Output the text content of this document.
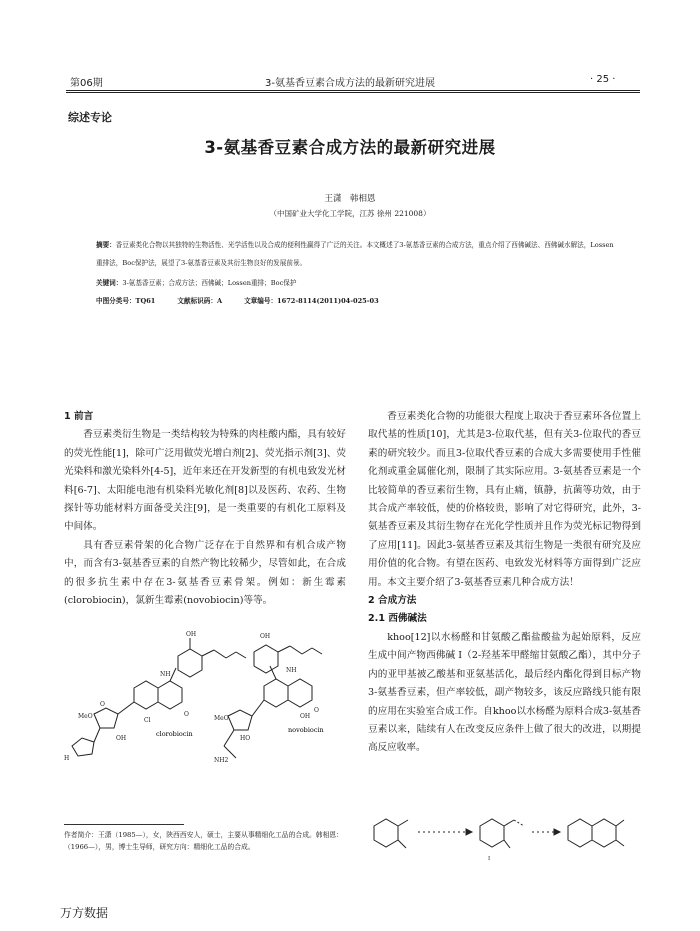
第06期	3-氨基香豆素合成方法的最新研究进展	· 25 ·
综述专论
3-氨基香豆素合成方法的最新研究进展
王潇　韩相恩
（中国矿业大学化工学院，江苏 徐州 221008）
摘要：香豆素类化合物以其独特的生物活性、光学活性以及合成的便利性赢得了广泛的关注。本文概述了3-氨基香豆素的合成方法，重点介绍了西佛碱法、西佛碱水解法，Lossen重排法，Boc保护法，展望了3-氨基香豆素及其衍生物良好的发展前景。
关键词：3-氨基香豆素；合成方法；西佛碱；Lossen重排；Boc保护
中图分类号：TQ61	文献标识码：A	文章编号：1672-8114(2011)04-025-03

1 前言

香豆素类衍生物是一类结构较为特殊的肉桂酸内酯，具有较好的荧光性能[1]，除可广泛用做荧光增白剂[2]、荧光指示剂[3]、荧光染料和激光染料外[4-5]，近年来还在开发新型的有机电致发光材料[6-7]、太阳能电池有机染料光敏化剂[8]以及医药、农药、生物探针等功能材料方面备受关注[9]，是一类重要的有机化工原料及中间体。

具有香豆素骨架的化合物广泛存在于自然界和有机合成产物中，而含有3-氨基香豆素的自然产物比较稀少，尽管如此，在合成的很多抗生素中存在3-氨基香豆素骨架。例如：新生霉素(clorobiocin)，氯新生霉素(novobiocin)等等。

OH
NH
O
Cl
MeO
OH
H
O
clorobiocin
OH
NH
O
MeO
HO
NH2
OH
novobiocin

香豆素类化合物的功能很大程度上取决于香豆素环各位置上取代基的性质[10]，尤其是3-位取代基，但有关3-位取代的香豆素的研究较少。而且3-位取代香豆素的合成大多需要使用手性催化剂或重金属催化剂，限制了其实际应用。3-氨基香豆素是一个比较简单的香豆素衍生物，具有止痛，镇静，抗菌等功效，由于其合成产率较低，使的价格较贵，影响了对它得研究，此外，3-氨基香豆素及其衍生物存在光化学性质并且作为荧光标记物得到了应用[11]。因此3-氨基香豆素及其衍生物是一类很有研究及应用价值的化合物。有望在医药、电致发光材料等方面得到广泛应用。本文主要介绍了3-氨基香豆素几种合成方法！

2 合成方法

2.1 西佛碱法

khoo[12]以水杨醛和甘氨酸乙酯盐酸盐为起始原料，反应生成中间产物西佛碱 I（2-羟基苯甲醛缩甘氨酸乙酯），其中分子内的亚甲基被乙酸基和亚氨基活化，最后经内酯化得到目标产物3-氨基香豆素，但产率较低，副产物较多，该反应路线只能有限的应用在实验室合成工作。自khoo以水杨醛为原料合成3-氨基香豆素以来，陆续有人在改变反应条件上做了很大的改进，以期提高反应收率。

I
作者简介：王潇（1985—），女，陕西西安人，硕士，主要从事精细化工品的合成。韩相恩：（1966—），男，博士生导师，研究方向：精细化工品的合成。
万方数据
